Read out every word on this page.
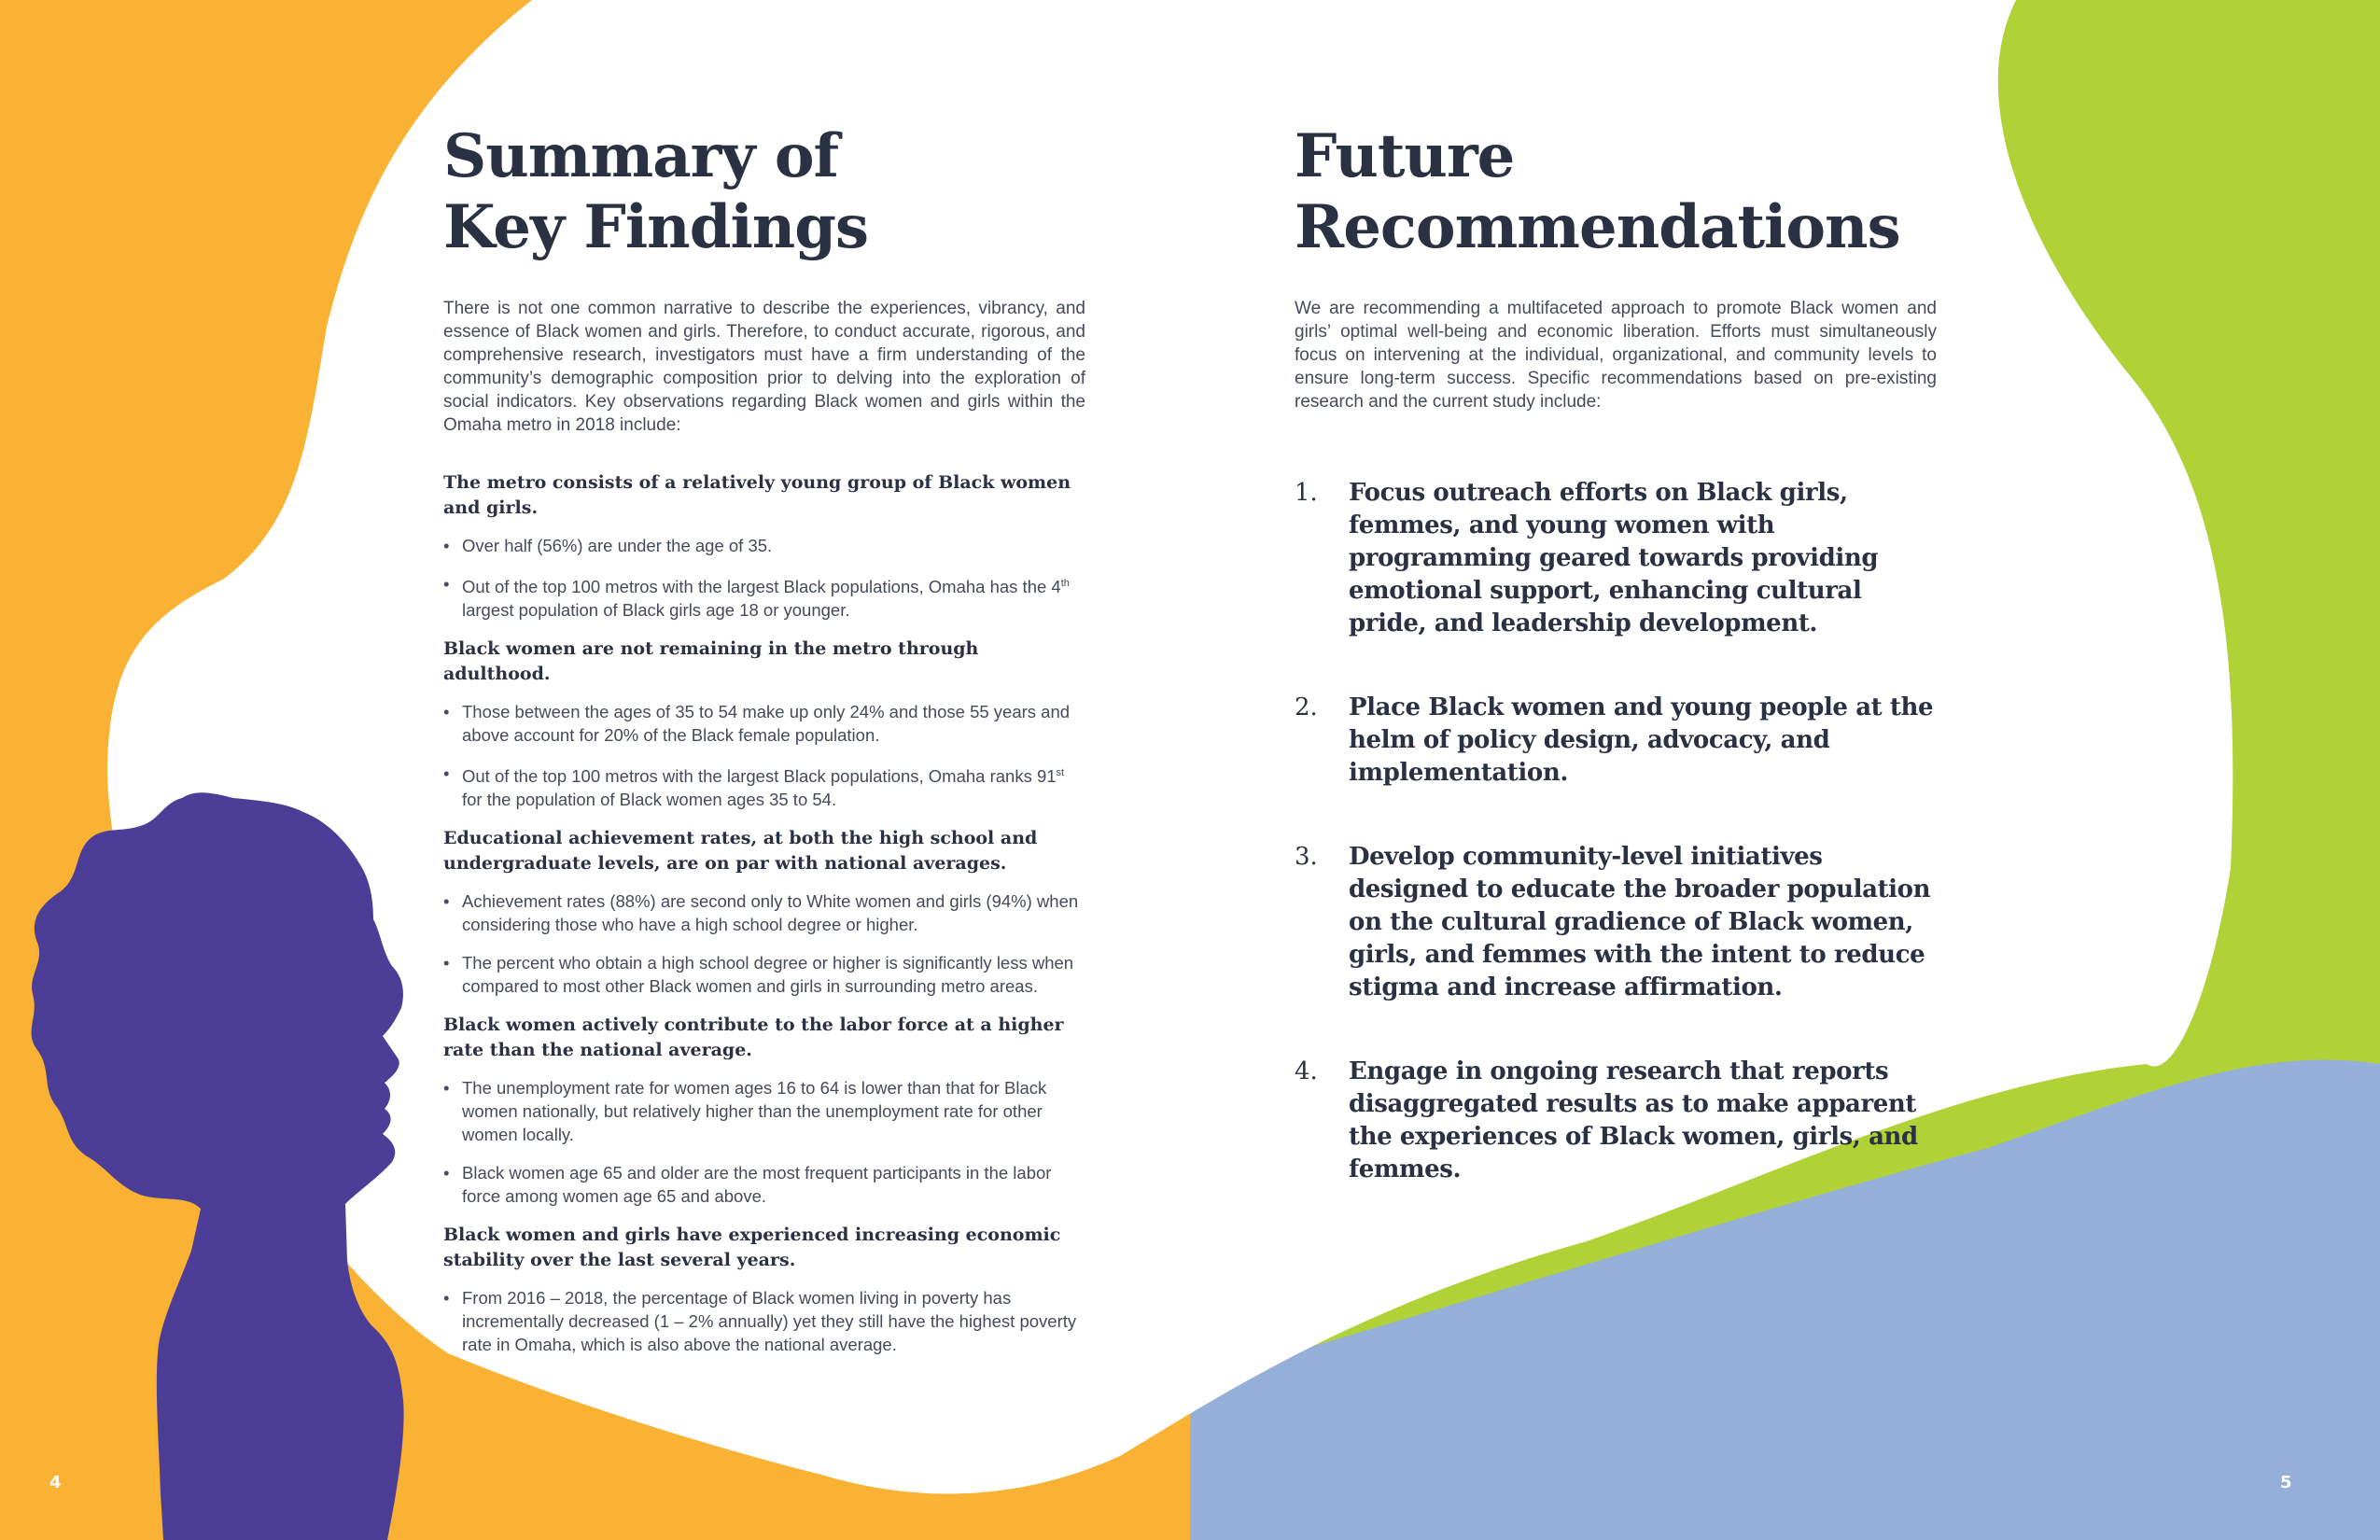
Summary of
Key Findings

There is not one common narrative to describe the experiences, vibrancy, and essence of Black women and girls. Therefore, to conduct accurate, rigorous, and comprehensive research, investigators must have a firm understanding of the community’s demographic composition prior to delving into the exploration of social indicators. Key observations regarding Black women and girls within the Omaha metro in 2018 include:

The metro consists of a relatively young group of Black women and girls.

• Over half (56%) are under the age of 35.

• Out of the top 100 metros with the largest Black populations, Omaha has the 4th largest population of Black girls age 18 or younger.

Black women are not remaining in the metro through adulthood.

• Those between the ages of 35 to 54 make up only 24% and those 55 years and above account for 20% of the Black female population.

• Out of the top 100 metros with the largest Black populations, Omaha ranks 91st for the population of Black women ages 35 to 54.

Educational achievement rates, at both the high school and undergraduate levels, are on par with national averages.

• Achievement rates (88%) are second only to White women and girls (94%) when considering those who have a high school degree or higher.

• The percent who obtain a high school degree or higher is significantly less when compared to most other Black women and girls in surrounding metro areas.

Black women actively contribute to the labor force at a higher rate than the national average.

• The unemployment rate for women ages 16 to 64 is lower than that for Black women nationally, but relatively higher than the unemployment rate for other women locally.

• Black women age 65 and older are the most frequent participants in the labor force among women age 65 and above.

Black women and girls have experienced increasing economic stability over the last several years.

• From 2016 – 2018, the percentage of Black women living in poverty has incrementally decreased (1 – 2% annually) yet they still have the highest poverty rate in Omaha, which is also above the national average.

Future
Recommendations

We are recommending a multifaceted approach to promote Black women and girls’ optimal well-being and economic liberation. Efforts must simultaneously focus on intervening at the individual, organizational, and community levels to ensure long-term success. Specific recommendations based on pre-existing research and the current study include:

1.	Focus outreach efforts on Black girls, femmes, and young women with programming geared towards providing emotional support, enhancing cultural pride, and leadership development.
2.	Place Black women and young people at the helm of policy design, advocacy, and implementation.
3.	Develop community-level initiatives designed to educate the broader population on the cultural gradience of Black women, girls, and femmes with the intent to reduce stigma and increase affirmation.
4.	Engage in ongoing research that reports disaggregated results as to make apparent the experiences of Black women, girls, and femmes.
4	5
